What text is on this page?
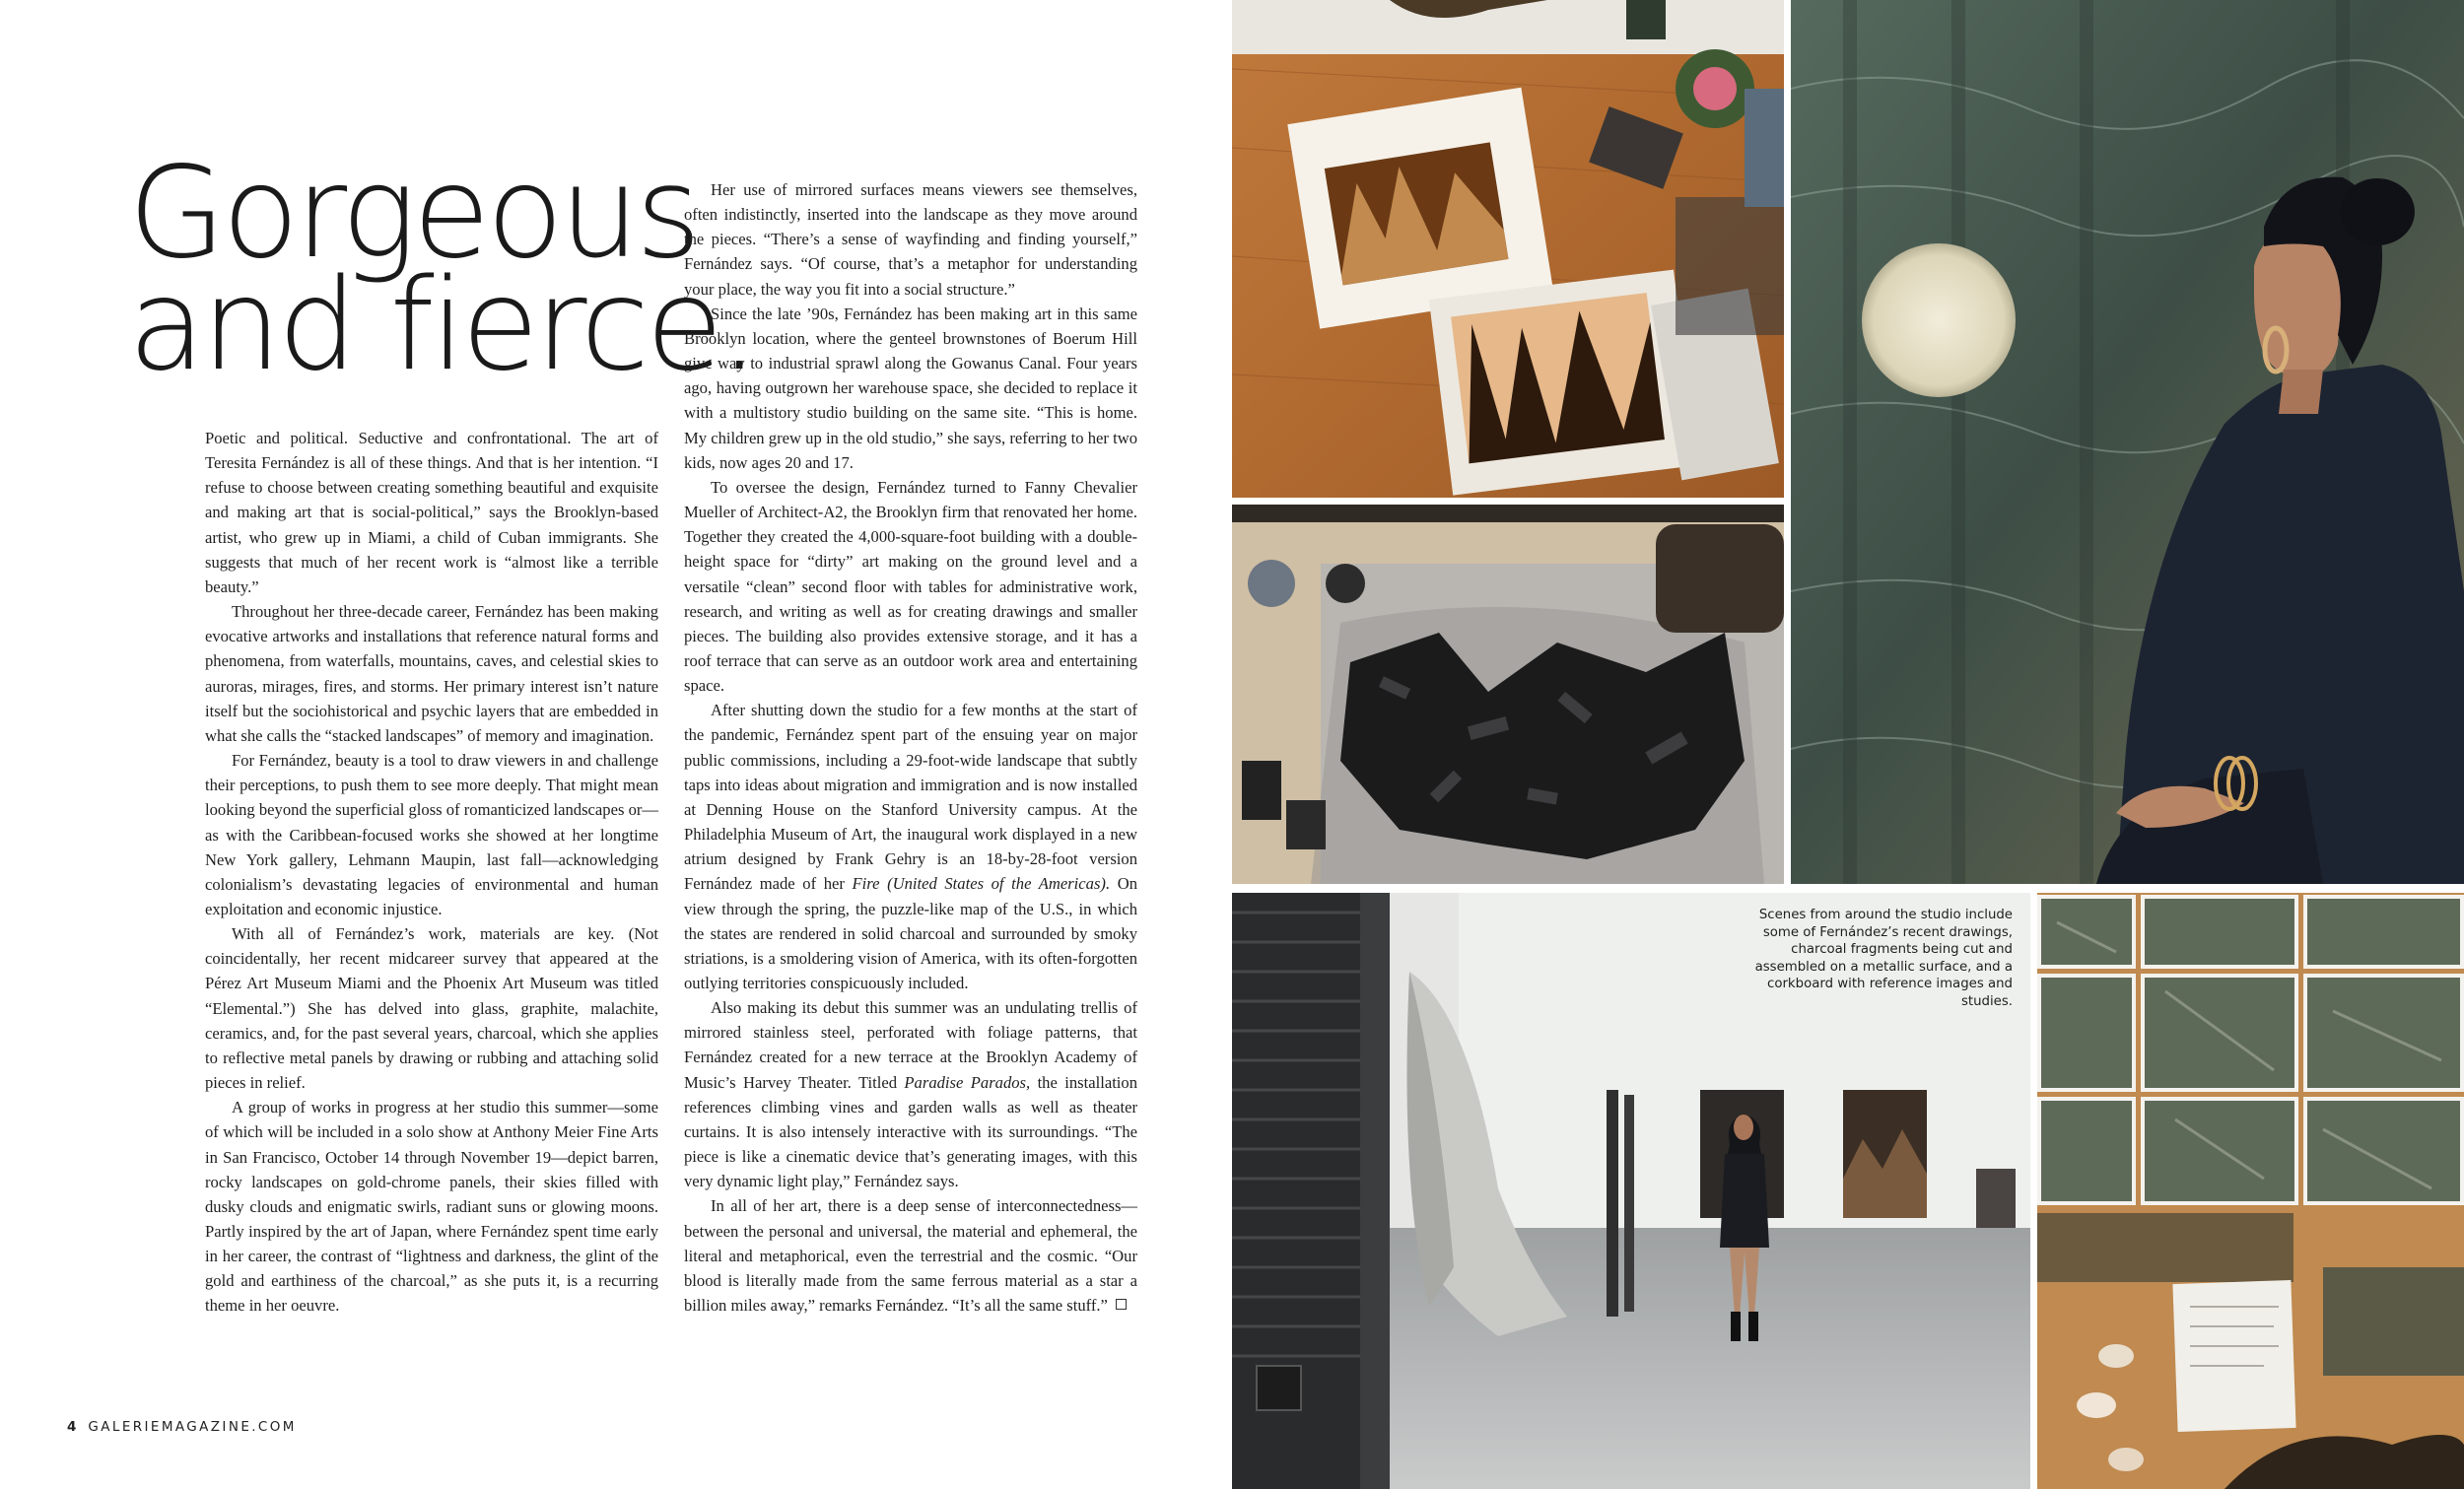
Gorgeous
and fierce.

Poetic and political. Seductive and confrontational. The art of Teresita Fernández is all of these things. And that is her intention. “I refuse to choose between creating something beautiful and exquisite and making art that is social-political,” says the Brooklyn-based artist, who grew up in Miami, a child of Cuban immigrants. She suggests that much of her recent work is “almost like a terrible beauty.”

Throughout her three-decade career, Fernández has been making evocative artworks and installations that reference natural forms and phenomena, from waterfalls, mountains, caves, and celestial skies to auroras, mirages, fires, and storms. Her primary interest isn’t nature itself but the sociohistorical and psychic layers that are embedded in what she calls the “stacked landscapes” of memory and imagination.

For Fernández, beauty is a tool to draw viewers in and challenge their perceptions, to push them to see more deeply. That might mean looking beyond the superficial gloss of romanticized landscapes or—as with the Caribbean-focused works she showed at her longtime New York gallery, Lehmann Maupin, last fall—acknowledging colonialism’s devastating legacies of environmental and human exploitation and economic injustice.

With all of Fernández’s work, materials are key. (Not coincidentally, her recent midcareer survey that appeared at the Pérez Art Museum Miami and the Phoenix Art Museum was titled “Elemental.”) She has delved into glass, graphite, malachite, ceramics, and, for the past several years, charcoal, which she applies to reflective metal panels by drawing or rubbing and attaching solid pieces in relief.

A group of works in progress at her studio this summer—some of which will be included in a solo show at Anthony Meier Fine Arts in San Francisco, October 14 through November 19—depict barren, rocky landscapes on gold-chrome panels, their skies filled with dusky clouds and enigmatic swirls, radiant suns or glowing moons. Partly inspired by the art of Japan, where Fernández spent time early in her career, the contrast of “lightness and darkness, the glint of the gold and earthiness of the charcoal,” as she puts it, is a recurring theme in her oeuvre.

Her use of mirrored surfaces means viewers see themselves, often indistinctly, inserted into the landscape as they move around the pieces. “There’s a sense of wayfinding and finding yourself,” Fernández says. “Of course, that’s a metaphor for understanding your place, the way you fit into a social structure.”

Since the late ’90s, Fernández has been making art in this same Brooklyn location, where the genteel brownstones of Boerum Hill give way to industrial sprawl along the Gowanus Canal. Four years ago, having outgrown her warehouse space, she decided to replace it with a multistory studio building on the same site. “This is home. My children grew up in the old studio,” she says, referring to her two kids, now ages 20 and 17.

To oversee the design, Fernández turned to Fanny Chevalier Mueller of Architect-A2, the Brooklyn firm that renovated her home. Together they created the 4,000-square-foot building with a double-height space for “dirty” art making on the ground level and a versatile “clean” second floor with tables for administrative work, research, and writing as well as for creating drawings and smaller pieces. The building also provides extensive storage, and it has a roof terrace that can serve as an outdoor work area and entertaining space.

After shutting down the studio for a few months at the start of the pandemic, Fernández spent part of the ensuing year on major public commissions, including a 29-foot-wide landscape that subtly taps into ideas about migration and immigration and is now installed at Denning House on the Stanford University campus. At the Philadelphia Museum of Art, the inaugural work displayed in a new atrium designed by Frank Gehry is an 18-by-28-foot version Fernández made of her Fire (United States of the Americas). On view through the spring, the puzzle-like map of the U.S., in which the states are rendered in solid charcoal and surrounded by smoky striations, is a smoldering vision of America, with its often-forgotten outlying territories conspicuously included.

Also making its debut this summer was an undulating trellis of mirrored stainless steel, perforated with foliage patterns, that Fernández created for a new terrace at the Brooklyn Academy of Music’s Harvey Theater. Titled Paradise Parados, the installation references climbing vines and garden walls as well as theater curtains. It is also intensely interactive with its surroundings. “The piece is like a cinematic device that’s generating images, with this very dynamic light play,” Fernández says.

In all of her art, there is a deep sense of interconnectedness—between the personal and universal, the material and ephemeral, the literal and metaphorical, even the terrestrial and the cosmic. “Our blood is literally made from the same ferrous material as a star a billion miles away,” remarks Fernández. “It’s all the same stuff.”

4 GALERIEMAGAZINE.COM

Scenes from around the studio include some of Fernández’s recent drawings, charcoal fragments being cut and assembled on a metallic surface, and a corkboard with reference images and studies.
